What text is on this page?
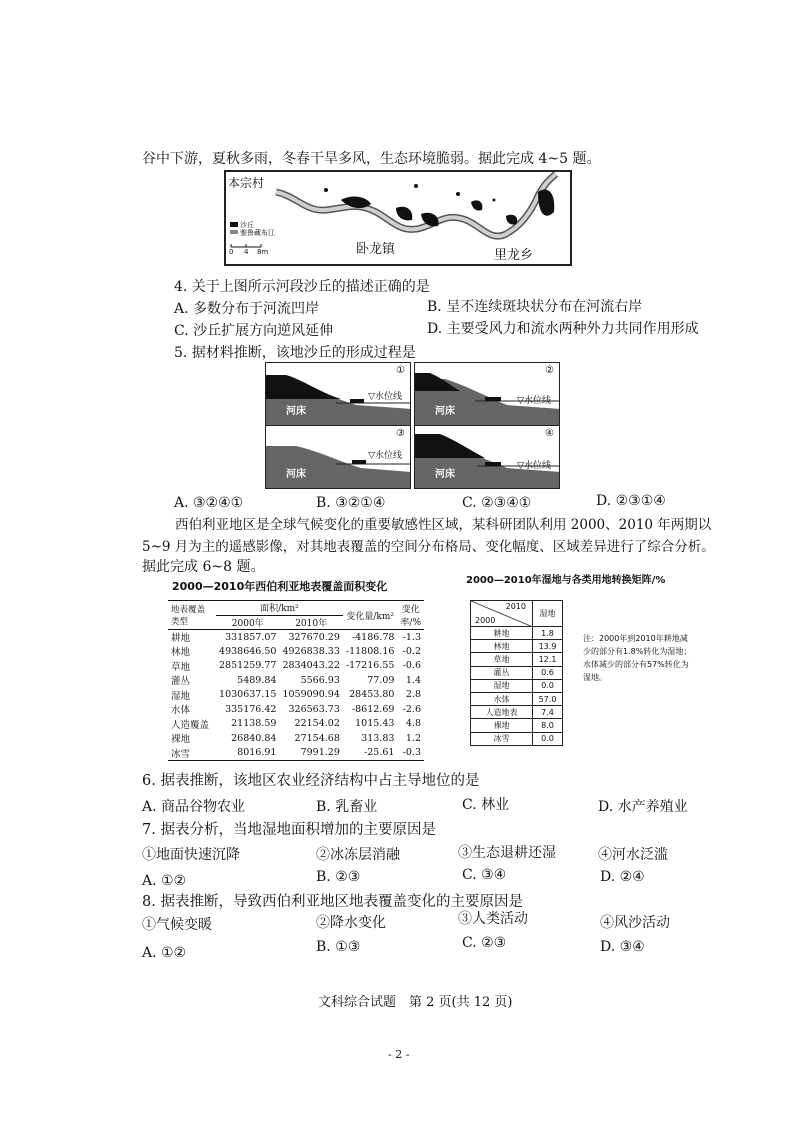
谷中下游，夏秋多雨，冬春干旱多风，生态环境脆弱。据此完成 4~5 题。
本宗村
卧龙镇	里龙乡
沙丘
雅鲁藏布江
0 4 8m
4. 关于上图所示河段沙丘的描述正确的是
A. 多数分布于河流凹岸	B. 呈不连续斑块状分布在河流右岸
C. 沙丘扩展方向逆风延伸	D. 主要受风力和流水两种外力共同作用形成
5. 据材料推断，该地沙丘的形成过程是
①
▽水位线
河床
②
▽水位线
河床
③
▽水位线
河床
④
▽水位线
河床
A. ③②④①	B. ③②①④	C. ②③④①	D. ②③①④
西伯利亚地区是全球气候变化的重要敏感性区域，某科研团队利用 2000、2010 年两期以
5~9 月为主的遥感影像，对其地表覆盖的空间分布格局、变化幅度、区域差异进行了综合分析。
据此完成 6~8 题。
2000—2010年西伯利亚地表覆盖面积变化	2000—2010年湿地与各类用地转换矩阵/%
地表覆盖类型	面积/km²		变化量/km²	变化率/%
	2000年	2010年		
耕地	331857.07	327670.29	-4186.78	-1.3
林地	4938646.50	4926838.33	-11808.16	-0.2
草地	2851259.77	2834043.22	-17216.55	-0.6
灌丛	5489.84	5566.93	77.09	1.4
湿地	1030637.15	1059090.94	28453.80	2.8
水体	335176.42	326563.73	-8612.69	-2.6
人造覆盖	21138.59	22154.02	1015.43	4.8
裸地	26840.84	27154.68	313.83	1.2
冰雪	8016.91	7991.29	-25.61	-0.3
2010
2000	湿地
耕地	1.8
林地	13.9
草地	12.1
灌丛	0.6
湿地	0.0
水体	57.0
人造地表	7.4
裸地	8.0
冰雪	0.0
注：2000年到2010年耕地减少的部分有1.8%转化为湿地；水体减少的部分有57%转化为湿地。
6. 据表推断，该地区农业经济结构中占主导地位的是
A. 商品谷物农业	B. 乳畜业	C. 林业	D. 水产养殖业
7. 据表分析，当地湿地面积增加的主要原因是
①地面快速沉降	②冰冻层消融	③生态退耕还湿	④河水泛滥
A. ①②	B. ②③	C. ③④	D. ②④
8. 据表推断，导致西伯利亚地区地表覆盖变化的主要原因是
①气候变暖	②降水变化	③人类活动	④风沙活动
A. ①②	B. ①③	C. ②③	D. ③④
文科综合试题　第 2 页(共 12 页)
- 2 -
